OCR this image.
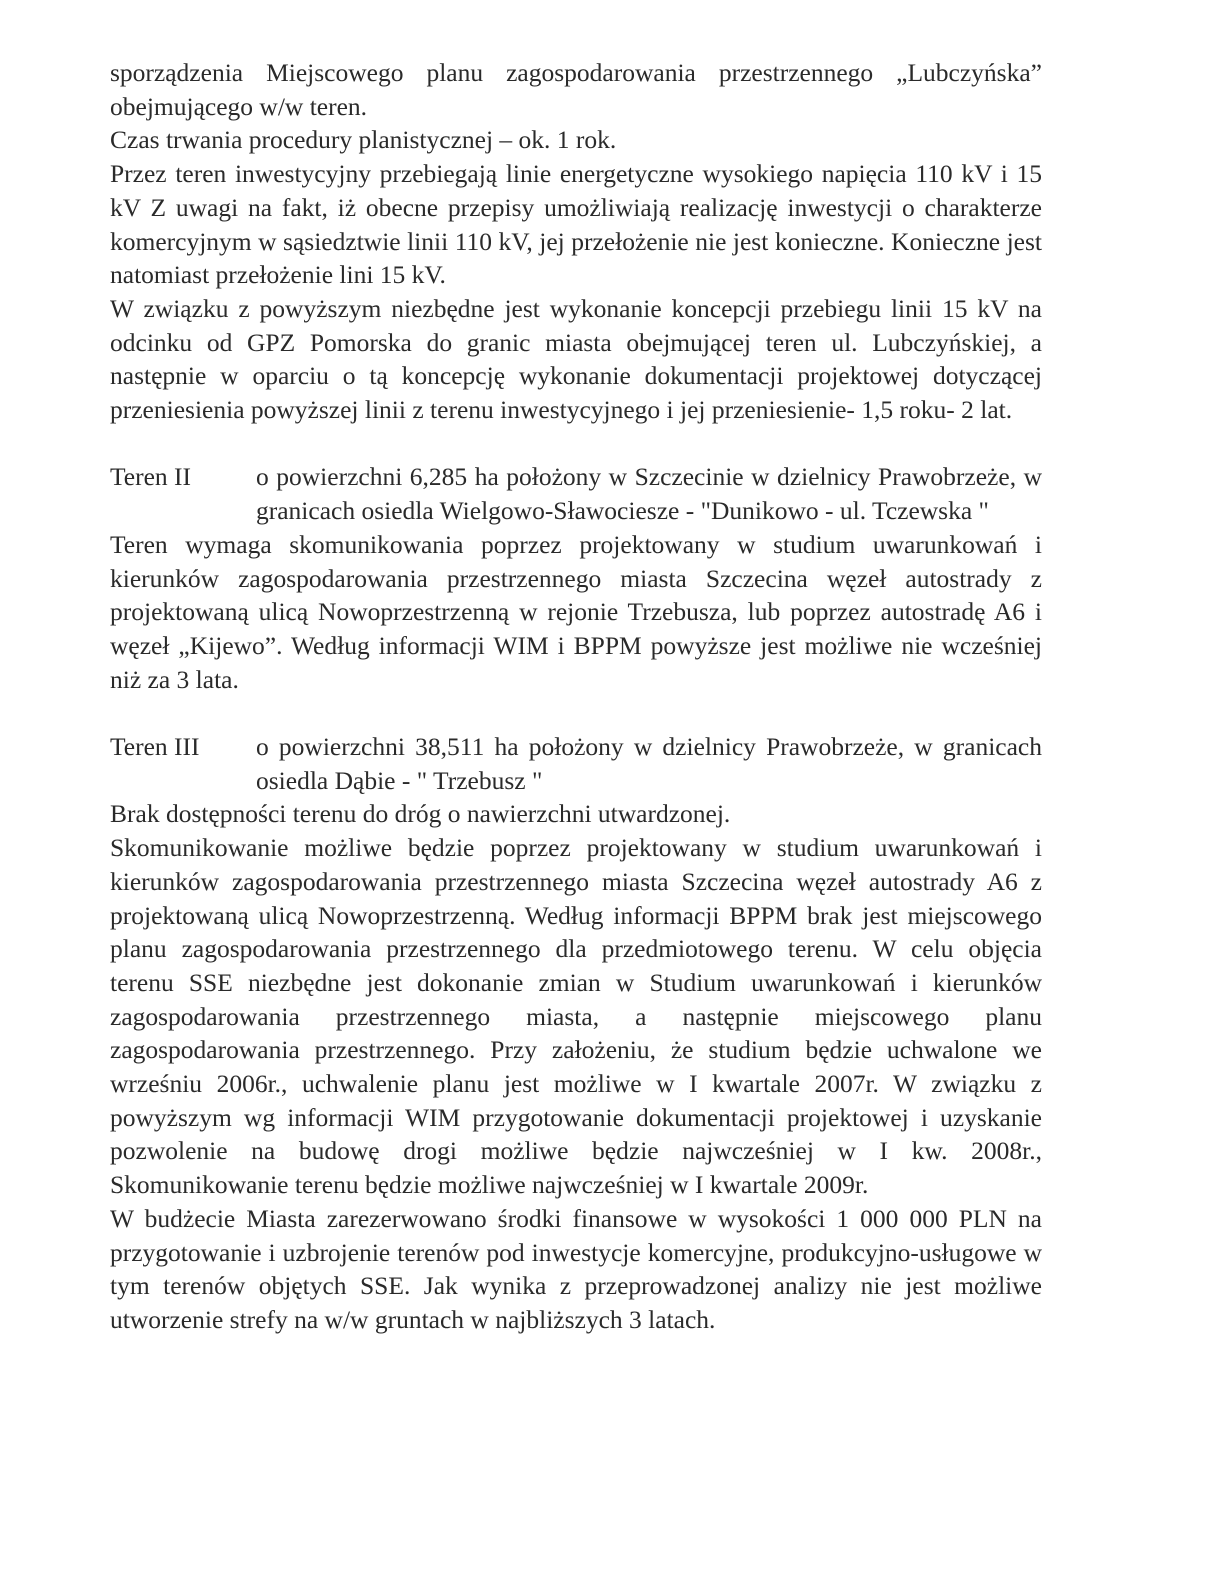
sporządzenia Miejscowego planu zagospodarowania przestrzennego „Lubczyńska” obejmującego w/w teren.

Czas trwania procedury planistycznej – ok. 1 rok.

Przez teren inwestycyjny przebiegają linie energetyczne wysokiego napięcia 110 kV i 15 kV Z uwagi na fakt, iż obecne przepisy umożliwiają realizację inwestycji o charakterze komercyjnym w sąsiedztwie linii 110 kV, jej przełożenie nie jest konieczne. Konieczne jest natomiast przełożenie lini 15 kV.

W związku z powyższym niezbędne jest wykonanie koncepcji przebiegu linii 15 kV na odcinku od GPZ Pomorska do granic miasta obejmującej teren ul. Lubczyńskiej, a następnie w oparciu o tą koncepcję wykonanie dokumentacji projektowej dotyczącej przeniesienia powyższej linii z terenu inwestycyjnego i jej przeniesienie- 1,5 roku- 2 lat.

Teren II	o powierzchni 6,285 ha położony w Szczecinie w dzielnicy Prawobrzeże, w granicach osiedla Wielgowo-Sławociesze - "Dunikowo - ul. Tczewska "

Teren wymaga skomunikowania poprzez projektowany w studium uwarunkowań i kierunków zagospodarowania przestrzennego miasta Szczecina węzeł autostrady z projektowaną ulicą Nowoprzestrzenną w rejonie Trzebusza, lub poprzez autostradę A6 i węzeł „Kijewo”. Według informacji WIM i BPPM powyższe jest możliwe nie wcześniej niż za 3 lata.

Teren III	o powierzchni 38,511 ha położony w dzielnicy Prawobrzeże, w granicach osiedla Dąbie - " Trzebusz "

Brak dostępności terenu do dróg o nawierzchni utwardzonej.

Skomunikowanie możliwe będzie poprzez projektowany w studium uwarunkowań i kierunków zagospodarowania przestrzennego miasta Szczecina węzeł autostrady A6 z projektowaną ulicą Nowoprzestrzenną. Według informacji BPPM brak jest miejscowego planu zagospodarowania przestrzennego dla przedmiotowego terenu. W celu objęcia terenu SSE niezbędne jest dokonanie zmian w Studium uwarunkowań i kierunków zagospodarowania przestrzennego miasta, a następnie miejscowego planu zagospodarowania przestrzennego. Przy założeniu, że studium będzie uchwalone we wrześniu 2006r., uchwalenie planu jest możliwe w I kwartale 2007r. W związku z powyższym wg informacji WIM przygotowanie dokumentacji projektowej i uzyskanie pozwolenie na budowę drogi możliwe będzie najwcześniej w I kw. 2008r., Skomunikowanie terenu będzie możliwe najwcześniej w I kwartale 2009r.

W budżecie Miasta zarezerwowano środki finansowe w wysokości 1 000 000 PLN na przygotowanie i uzbrojenie terenów pod inwestycje komercyjne, produkcyjno-usługowe w tym terenów objętych SSE. Jak wynika z przeprowadzonej analizy nie jest możliwe utworzenie strefy na w/w gruntach w najbliższych 3 latach.
